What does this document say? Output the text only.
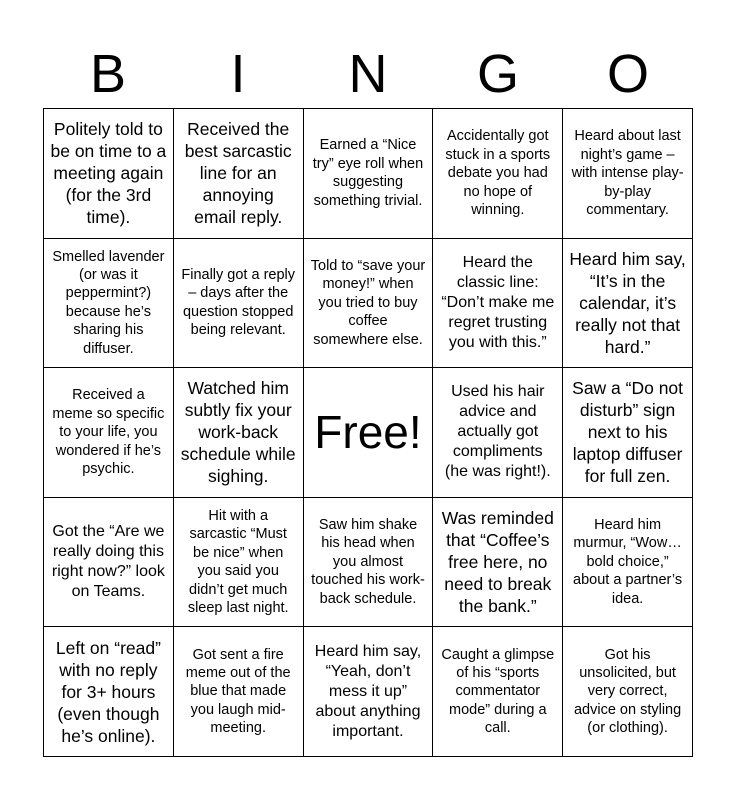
B	I	N	G	O
Politely told to be on time to a meeting again (for the 3rd time).
Received the best sarcastic line for an annoying email reply.
Earned a “Nice try” eye roll when suggesting something trivial.
Accidentally got stuck in a sports debate you had no hope of winning.
Heard about last night’s game – with intense play-by-play commentary.
Smelled lavender (or was it peppermint?) because he’s sharing his diffuser.
Finally got a reply – days after the question stopped being relevant.
Told to “save your money!” when you tried to buy coffee somewhere else.
Heard the classic line: “Don’t make me regret trusting you with this.”
Heard him say, “It’s in the calendar, it’s really not that hard.”
Received a meme so specific to your life, you wondered if he’s psychic.
Watched him subtly fix your work-back schedule while sighing.
Free!
Used his hair advice and actually got compliments (he was right!).
Saw a “Do not disturb” sign next to his laptop diffuser for full zen.
Got the “Are we really doing this right now?” look on Teams.
Hit with a sarcastic “Must be nice” when you said you didn’t get much sleep last night.
Saw him shake his head when you almost touched his work-back schedule.
Was reminded that “Coffee’s free here, no need to break the bank.”
Heard him murmur, “Wow…bold choice,” about a partner’s idea.
Left on “read” with no reply for 3+ hours (even though he’s online).
Got sent a fire meme out of the blue that made you laugh mid-meeting.
Heard him say, “Yeah, don’t mess it up” about anything important.
Caught a glimpse of his “sports commentator mode” during a call.
Got his unsolicited, but very correct, advice on styling (or clothing).
